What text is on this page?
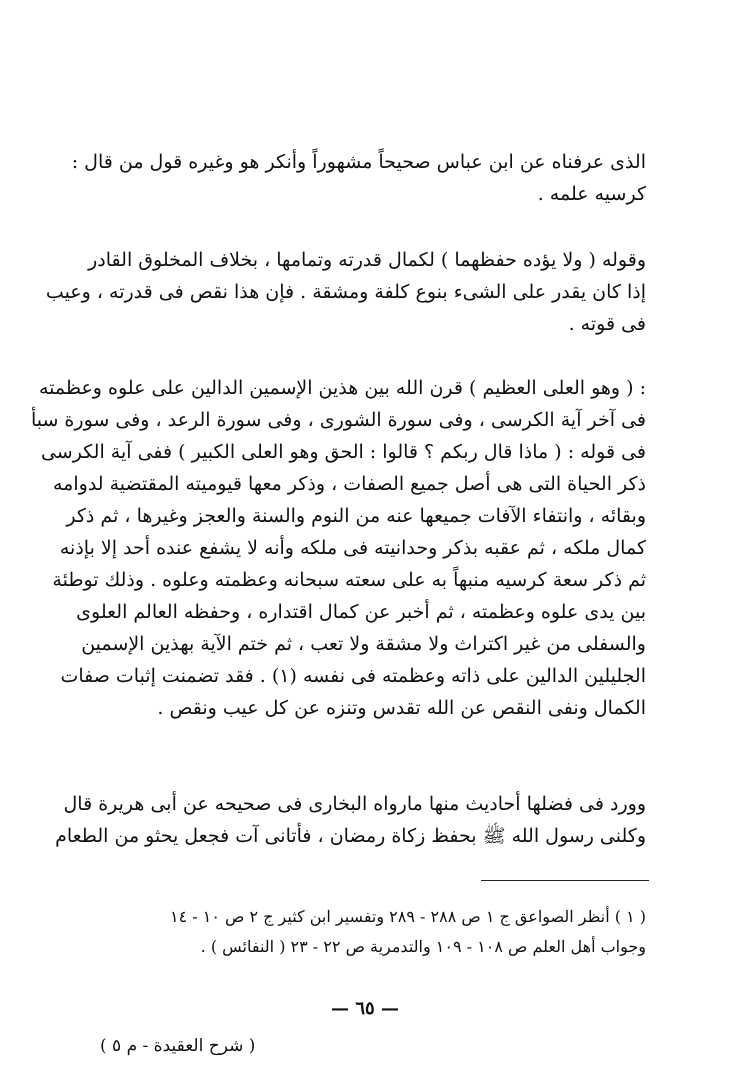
الذى عرفناه عن ابن عباس صحيحاً مشهوراً وأنكر هو وغيره قول من قال :

كرسيه علمه .

وقوله ( ولا يؤده حفظهما ) لكمال قدرته وتمامها ، بخلاف المخلوق القادر

إذا كان يقدر على الشىء بنوع كلفة ومشقة . فإن هذا نقص فى قدرته ، وعيب

فى قوته .

: ( وهو العلى العظيم ) قرن الله بين هذين الإسمين الدالين على علوه وعظمته

فى آخر آية الكرسى ، وفى سورة الشورى ، وفى سورة الرعد ، وفى سورة سبأ

فى قوله : ( ماذا قال ربكم ؟ قالوا : الحق وهو العلى الكبير ) ففى آية الكرسى

ذكر الحياة التى هى أصل جميع الصفات ، وذكر معها قيوميته المقتضية لدوامه

وبقائه ، وانتفاء الآفات جميعها عنه من النوم والسنة والعجز وغيرها ، ثم ذكر

كمال ملكه ، ثم عقبه بذكر وحدانيته فى ملكه وأنه لا يشفع عنده أحد إلا بإذنه

ثم ذكر سعة كرسيه منبهاً به على سعته سبحانه وعظمته وعلوه . وذلك توطئة

بين يدى علوه وعظمته ، ثم أخبر عن كمال اقتداره ، وحفظه العالم العلوى

والسفلى من غير اكتراث ولا مشقة ولا تعب ، ثم ختم الآية بهذين الإسمين

الجليلين الدالين على ذاته وعظمته فى نفسه (١) . فقد تضمنت إثبات صفات

الكمال ونفى النقص عن الله تقدس وتنزه عن كل عيب ونقص .

وورد فى فضلها أحاديث منها مارواه البخارى فى صحيحه عن أبى هريرة قال

وكلنى رسول الله ﷺ بحفظ زكاة رمضان ، فأتانى آت فجعل يحثو من الطعام

( ١ ) أنظر الصواعق ج ١ ص ٢٨٨ - ٢٨٩ وتفسير ابن كثير ج ٢ ص ١٠ - ١٤

وجواب أهل العلم ص ١٠٨ - ١٠٩ والتدمرية ص ٢٢ - ٢٣ ( النفائس ) .

— ٦٥ —
( شرح العقيدة - م ٥ )
